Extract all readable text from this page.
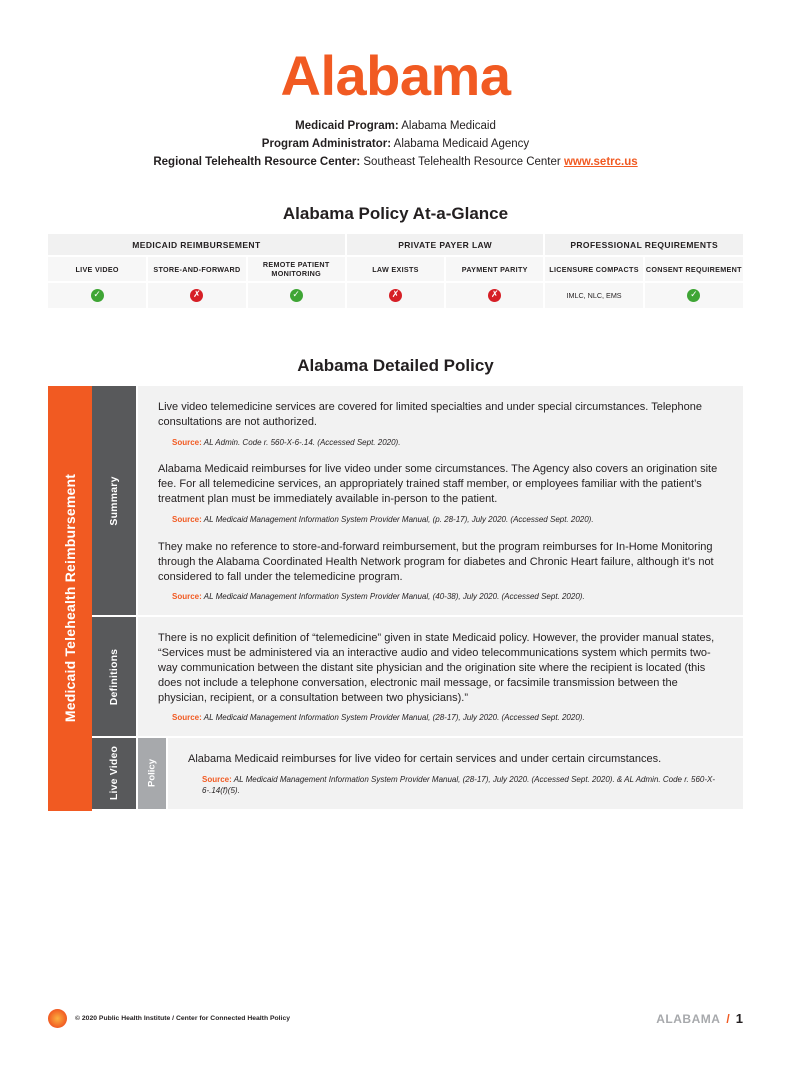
Alabama
Medicaid Program: Alabama Medicaid
Program Administrator: Alabama Medicaid Agency
Regional Telehealth Resource Center: Southeast Telehealth Resource Center www.setrc.us
Alabama Policy At-a-Glance
MEDICAID REIMBURSEMENT			PRIVATE PAYER LAW		PROFESSIONAL REQUIREMENTS	
LIVE VIDEO	STORE-AND-FORWARD	REMOTE PATIENT MONITORING	LAW EXISTS	PAYMENT PARITY	LICENSURE COMPACTS	CONSENT REQUIREMENT
✓	✗	✓	✗	✗	IMLC, NLC, EMS	✓
Alabama Detailed Policy
Medicaid Telehealth Reimbursement	Summary

Live video telemedicine services are covered for limited specialties and under special circumstances. Telephone consultations are not authorized.

Source: AL Admin. Code r. 560-X-6-.14. (Accessed Sept. 2020).

Alabama Medicaid reimburses for live video under some circumstances. The Agency also covers an origination site fee. For all telemedicine services, an appropriately trained staff member, or employees familiar with the patient’s treatment plan must be immediately available in-person to the patient.

Source: AL Medicaid Management Information System Provider Manual, (p. 28-17), July 2020. (Accessed Sept. 2020).

They make no reference to store-and-forward reimbursement, but the program reimburses for In-Home Monitoring through the Alabama Coordinated Health Network program for diabetes and Chronic Heart failure, although it’s not considered to fall under the telemedicine program.

Source: AL Medicaid Management Information System Provider Manual, (40-38), July 2020. (Accessed Sept. 2020).

Definitions

There is no explicit definition of “telemedicine” given in state Medicaid policy. However, the provider manual states, “Services must be administered via an interactive audio and video telecommunications system which permits two-way communication between the distant site physician and the origination site where the recipient is located (this does not include a telephone conversation, electronic mail message, or facsimile transmission between the physician, recipient, or a consultation between two physicians).”

Source: AL Medicaid Management Information System Provider Manual, (28-17), July 2020. (Accessed Sept. 2020).

Live Video	Policy

Alabama Medicaid reimburses for live video for certain services and under certain circumstances.

Source: AL Medicaid Management Information System Provider Manual, (28-17), July 2020. (Accessed Sept. 2020). & AL Admin. Code r. 560-X-6-.14(f)(5).

© 2020 Public Health Institute / Center for Connected Health Policy	ALABAMA / 1
